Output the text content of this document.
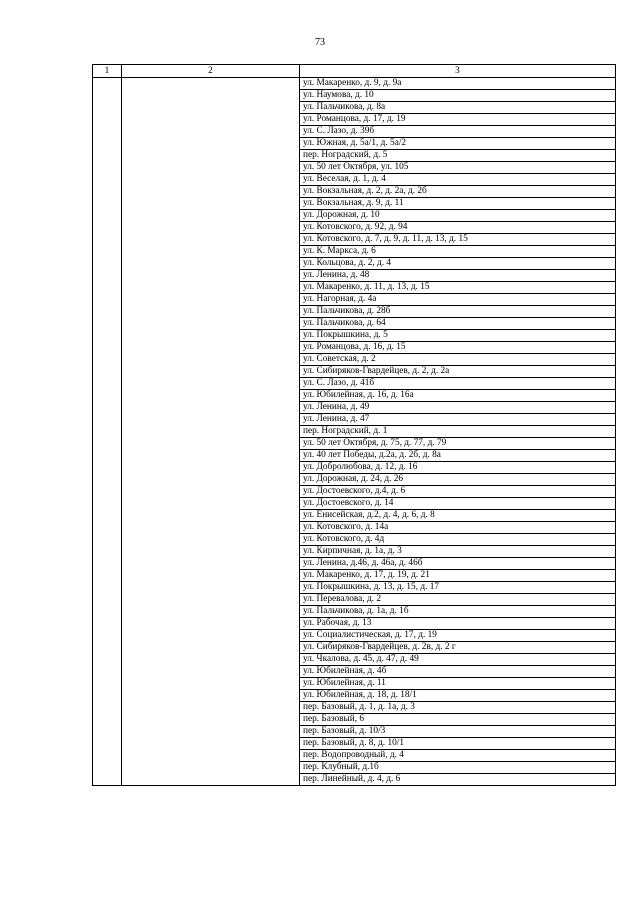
73
1	2	3
		ул. Макаренко, д. 9, д. 9а
		ул. Наумова, д. 10
		ул. Пальчикова, д. 8а
		ул. Романцова, д. 17, д. 19
		ул. С. Лазо, д. 39б
		ул. Южная, д. 5а/1, д. 5а/2
		пер. Ноградский, д. 5
		ул. 50 лет Октября, ул. 105
		ул. Веселая, д. 1, д. 4
		ул. Вокзальная, д. 2, д. 2а, д. 2б
		ул. Вокзальная, д. 9, д. 11
		ул. Дорожная, д. 10
		ул. Котовского, д. 92, д. 94
		ул. Котовского, д. 7, д. 9, д. 11, д. 13, д. 15
		ул. К. Маркса, д. 6
		ул. Кольцова, д. 2, д. 4
		ул. Ленина, д. 48
		ул. Макаренко, д. 11, д. 13, д. 15
		ул. Нагорная, д. 4а
		ул. Пальчикова, д. 28б
		ул. Пальчикова, д. 64
		ул. Покрышкина, д. 5
		ул. Романцова, д. 16, д. 15
		ул. Советская, д. 2
		ул. Сибиряков-Гвардейцев, д. 2, д. 2а
		ул. С. Лазо, д. 41б
		ул. Юбилейная, д. 16, д. 16а
		ул. Ленина, д. 49
		ул. Ленина, д. 47
		пер. Ноградский, д. 1
		ул. 50 лет Октября, д. 75, д. 77, д. 79
		ул. 40 лет Победы, д.2а, д. 2б, д. 8а
		ул. Добролюбова, д. 12, д. 16
		ул. Дорожная, д. 24, д. 26
		ул. Достоевского, д.4, д. 6
		ул. Достоевского, д. 14
		ул. Енисейская, д.2, д. 4, д. 6, д. 8
		ул. Котовского, д. 14а
		ул. Котовского, д. 4д
		ул. Кирпичная, д. 1а, д. 3
		ул. Ленина, д.46, д. 46а, д. 46б
		ул. Макаренко, д. 17, д. 19, д. 21
		ул. Покрышкина, д. 13, д. 15, д. 17
		ул. Перевалова, д. 2
		ул. Пальчикова, д. 1а, д. 1б
		ул. Рабочая, д. 13
		ул. Социалистическая, д. 17, д. 19
		ул. Сибиряков-Гвардейцев, д. 2в, д. 2 г
		ул. Чкалова, д. 45, д. 47, д. 49
		ул. Юбилейная, д. 4б
		ул. Юбилейная, д. 11
		ул. Юбилейная, д. 18, д. 18/1
		пер. Базовый, д. 1, д. 1а, д. 3
		пер. Базовый, 6
		пер. Базовый, д. 10/3
		пер. Базовый, д. 8, д. 10/1
		пер. Водопроводный, д. 4
		пер. Клубный, д.1б
		пер. Линейный, д. 4, д. 6
